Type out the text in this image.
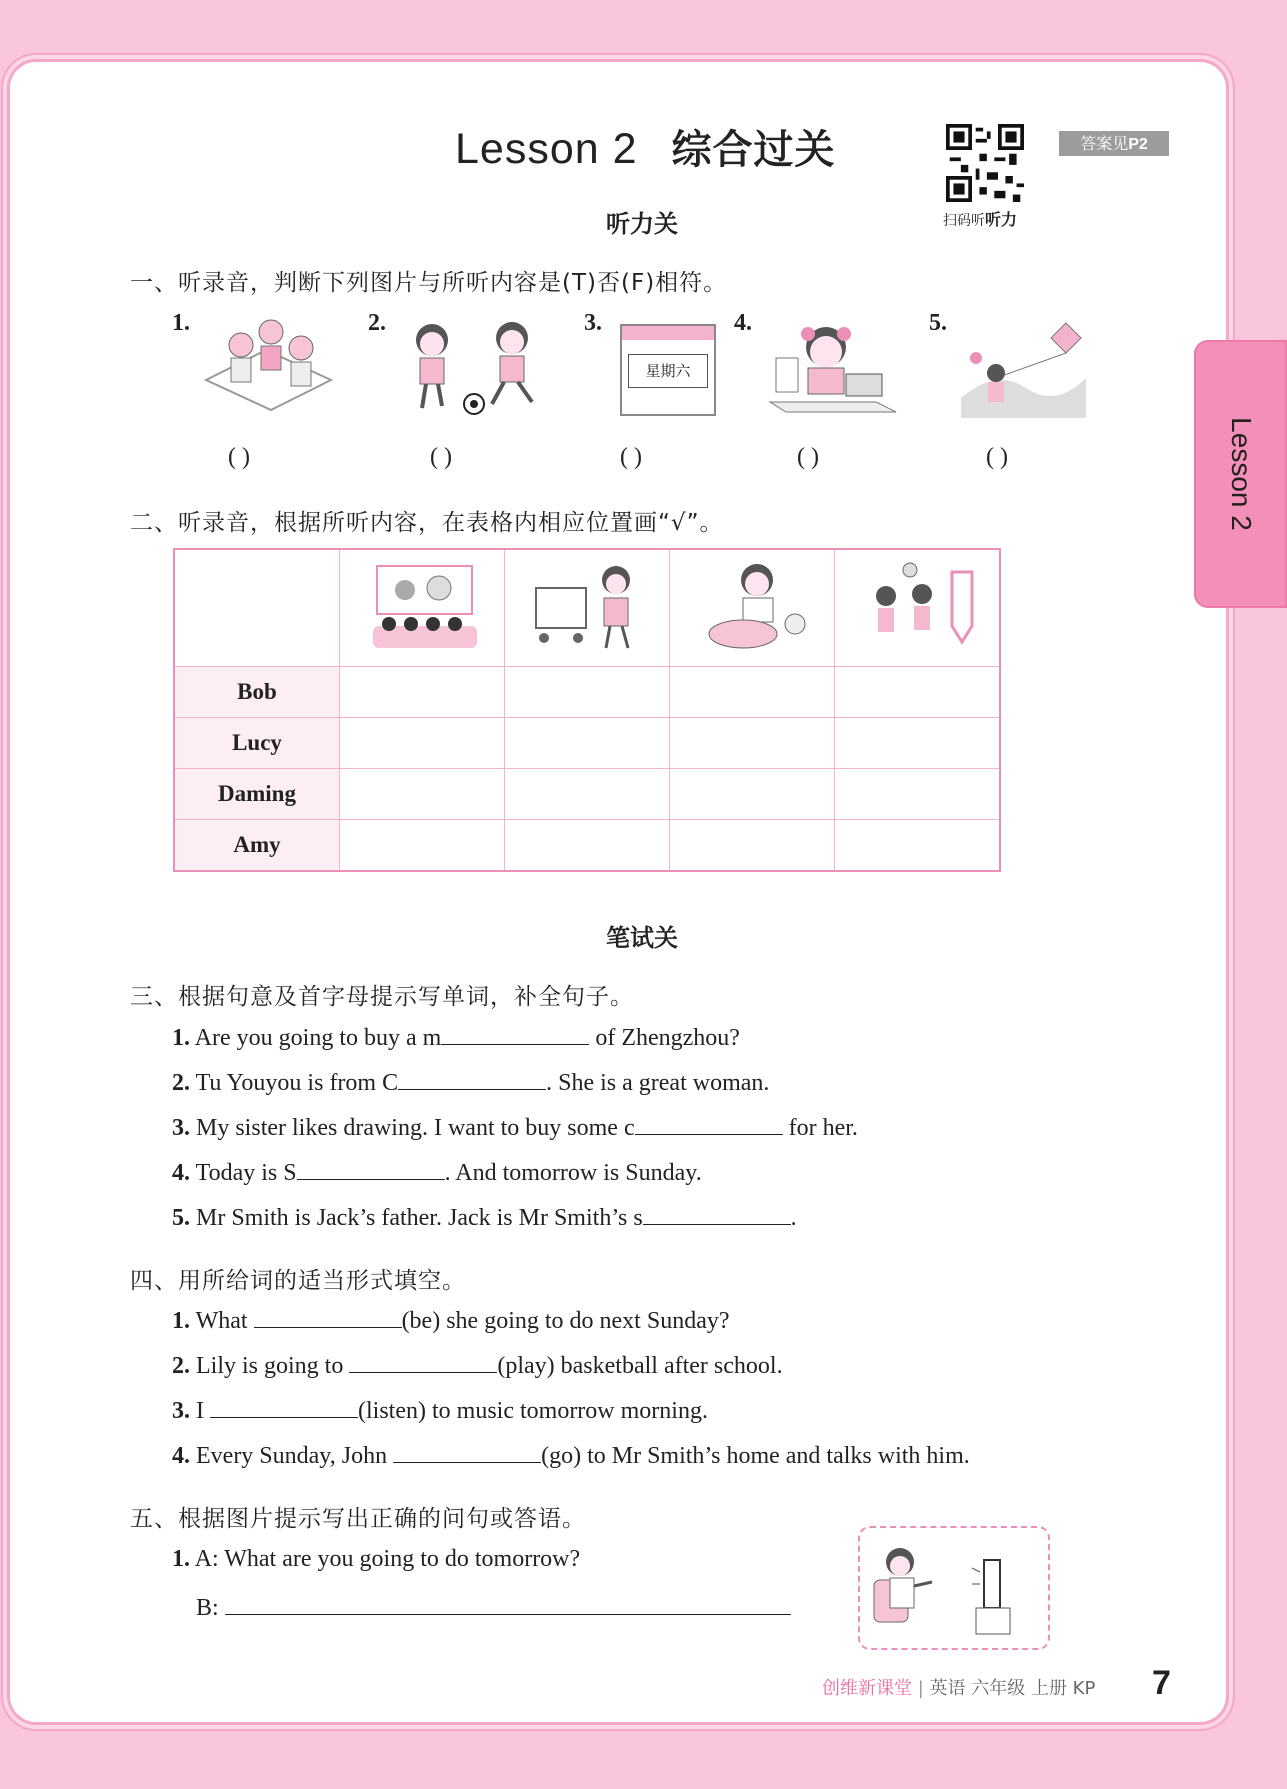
Lesson 2
Lesson 2 综合过关
扫码听听力
答案见P2
听力关
一、听录音，判断下列图片与所听内容是(T)否(F)相符。
1.	2.	3.	4.	5.
星期六
( )	( )	( )	( )	( )
二、听录音，根据所听内容，在表格内相应位置画“√”。

Bob				
Lucy				
Daming				
Amy				
笔试关
三、根据句意及首字母提示写单词，补全句子。
1. Are you going to buy a m	of Zhengzhou?
2. Tu Youyou is from C	. She is a great woman.
3. My sister likes drawing. I want to buy some c	for her.
4. Today is S	. And tomorrow is Sunday.
5. Mr Smith is Jack’s father. Jack is Mr Smith’s s	.
四、用所给词的适当形式填空。
1. What	(be) she going to do next Sunday?
2. Lily is going to	(play) basketball after school.
3. I	(listen) to music tomorrow morning.
4. Every Sunday, John	(go) to Mr Smith’s home and talks with him.
五、根据图片提示写出正确的问句或答语。
1. A: What are you going to do tomorrow?
B:
创维新课堂 | 英语 六年级 上册 KP 7
